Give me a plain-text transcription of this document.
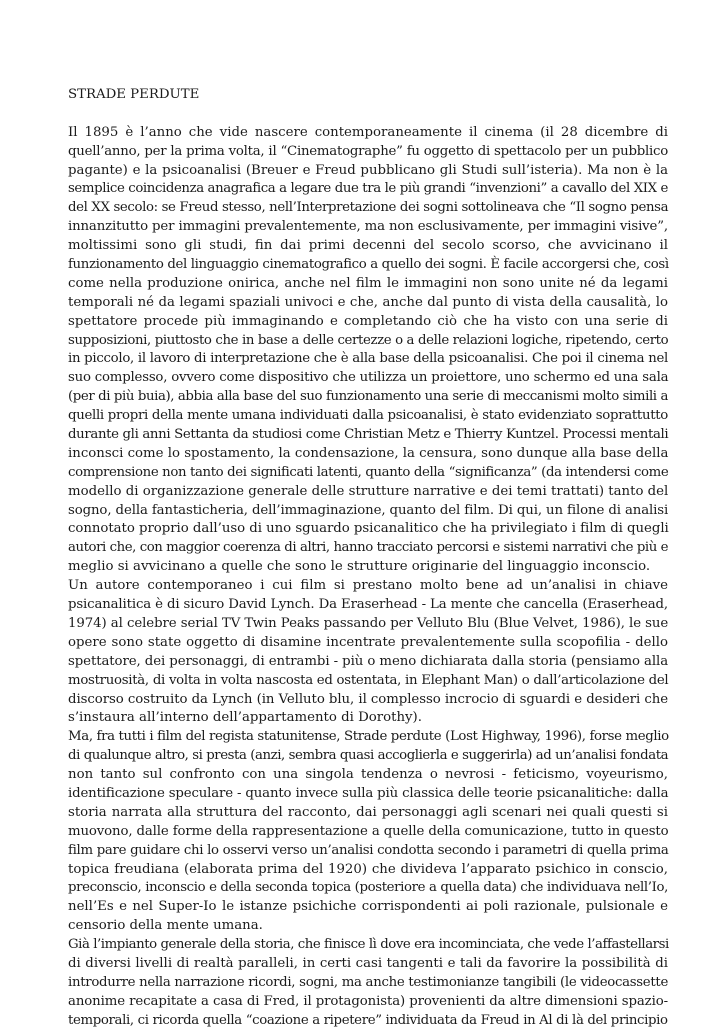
STRADE PERDUTE
Il 1895 è l’anno che vide nascere contemporaneamente il cinema (il 28 dicembre di
quell’anno, per la prima volta, il “Cinematographe” fu oggetto di spettacolo per un pubblico
pagante) e la psicoanalisi (Breuer e Freud pubblicano gli Studi sull’isteria). Ma non è la
semplice coincidenza anagrafica a legare due tra le più grandi “invenzioni” a cavallo del XIX e
del XX secolo: se Freud stesso, nell’Interpretazione dei sogni sottolineava che “Il sogno pensa
innanzitutto per immagini prevalentemente, ma non esclusivamente, per immagini visive”,
moltissimi sono gli studi, fin dai primi decenni del secolo scorso, che avvicinano il
funzionamento del linguaggio cinematografico a quello dei sogni. È facile accorgersi che, così
come nella produzione onirica, anche nel film le immagini non sono unite né da legami
temporali né da legami spaziali univoci e che, anche dal punto di vista della causalità, lo
spettatore procede più immaginando e completando ciò che ha visto con una serie di
supposizioni, piuttosto che in base a delle certezze o a delle relazioni logiche, ripetendo, certo
in piccolo, il lavoro di interpretazione che è alla base della psicoanalisi. Che poi il cinema nel
suo complesso, ovvero come dispositivo che utilizza un proiettore, uno schermo ed una sala
(per di più buia), abbia alla base del suo funzionamento una serie di meccanismi molto simili a
quelli propri della mente umana individuati dalla psicoanalisi, è stato evidenziato soprattutto
durante gli anni Settanta da studiosi come Christian Metz e Thierry Kuntzel. Processi mentali
inconsci come lo spostamento, la condensazione, la censura, sono dunque alla base della
comprensione non tanto dei significati latenti, quanto della “significanza” (da intendersi come
modello di organizzazione generale delle strutture narrative e dei temi trattati) tanto del
sogno, della fantasticheria, dell’immaginazione, quanto del film. Di qui, un filone di analisi
connotato proprio dall’uso di uno sguardo psicanalitico che ha privilegiato i film di quegli
autori che, con maggior coerenza di altri, hanno tracciato percorsi e sistemi narrativi che più e
meglio si avvicinano a quelle che sono le strutture originarie del linguaggio inconscio.
Un autore contemporaneo i cui film si prestano molto bene ad un’analisi in chiave
psicanalitica è di sicuro David Lynch. Da Eraserhead - La mente che cancella (Eraserhead,
1974) al celebre serial TV Twin Peaks passando per Velluto Blu (Blue Velvet, 1986), le sue
opere sono state oggetto di disamine incentrate prevalentemente sulla scopofilia - dello
spettatore, dei personaggi, di entrambi - più o meno dichiarata dalla storia (pensiamo alla
mostruosità, di volta in volta nascosta ed ostentata, in Elephant Man) o dall’articolazione del
discorso costruito da Lynch (in Velluto blu, il complesso incrocio di sguardi e desideri che
s’instaura all’interno dell’appartamento di Dorothy).
Ma, fra tutti i film del regista statunitense, Strade perdute (Lost Highway, 1996), forse meglio
di qualunque altro, si presta (anzi, sembra quasi accoglierla e suggerirla) ad un’analisi fondata
non tanto sul confronto con una singola tendenza o nevrosi - feticismo, voyeurismo,
identificazione speculare - quanto invece sulla più classica delle teorie psicanalitiche: dalla
storia narrata alla struttura del racconto, dai personaggi agli scenari nei quali questi si
muovono, dalle forme della rappresentazione a quelle della comunicazione, tutto in questo
film pare guidare chi lo osservi verso un’analisi condotta secondo i parametri di quella prima
topica freudiana (elaborata prima del 1920) che divideva l’apparato psichico in conscio,
preconscio, inconscio e della seconda topica (posteriore a quella data) che individuava nell’Io,
nell’Es e nel Super-Io le istanze psichiche corrispondenti ai poli razionale, pulsionale e
censorio della mente umana.
Già l’impianto generale della storia, che finisce lì dove era incominciata, che vede l’affastellarsi
di diversi livelli di realtà paralleli, in certi casi tangenti e tali da favorire la possibilità di
introdurre nella narrazione ricordi, sogni, ma anche testimonianze tangibili (le videocassette
anonime recapitate a casa di Fred, il protagonista) provenienti da altre dimensioni spazio-
temporali, ci ricorda quella “coazione a ripetere” individuata da Freud in Al di là del principio
